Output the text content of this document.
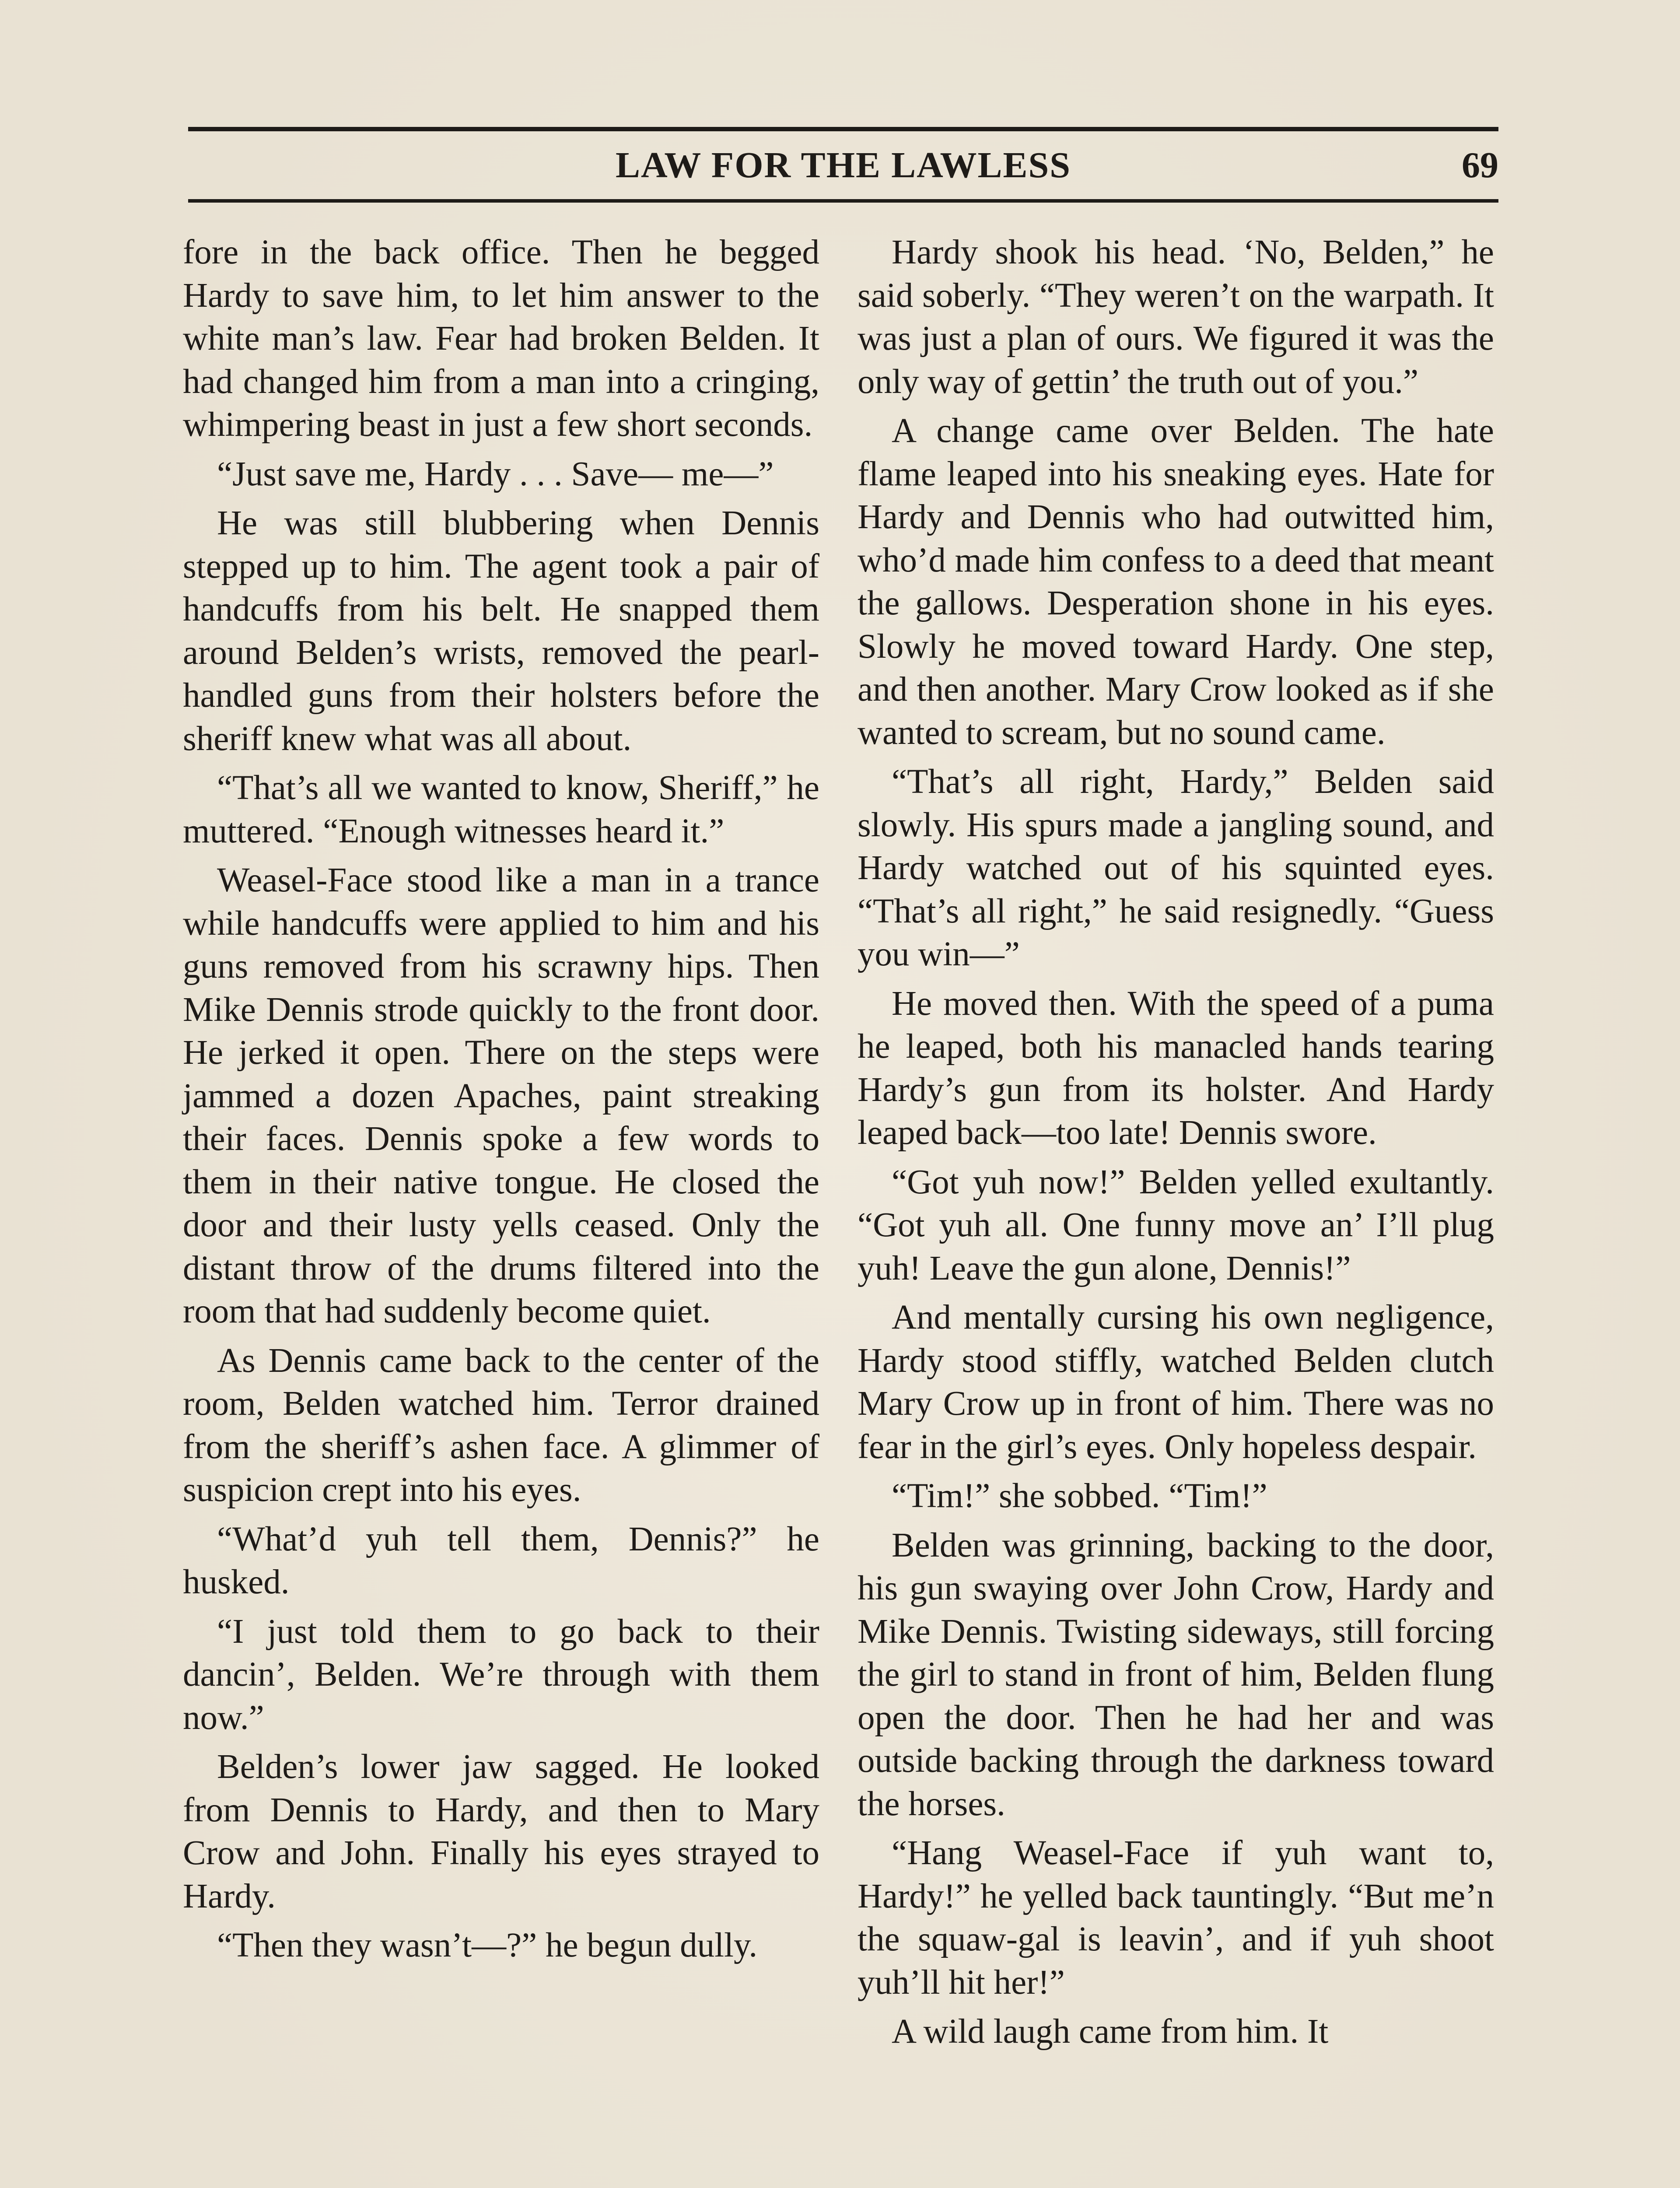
LAW FOR THE LAWLESS	69

fore in the back office. Then he begged Hardy to save him, to let him answer to the white man’s law. Fear had broken Belden. It had changed him from a man into a cringing, whimpering beast in just a few short seconds.

“Just save me, Hardy . . . Save— me—”

He was still blubbering when Dennis stepped up to him. The agent took a pair of handcuffs from his belt. He snapped them around Belden’s wrists, removed the pearl-handled guns from their holsters before the sheriff knew what was all about.

“That’s all we wanted to know, Sheriff,” he muttered. “Enough witnesses heard it.”

Weasel-Face stood like a man in a trance while handcuffs were applied to him and his guns removed from his scrawny hips. Then Mike Dennis strode quickly to the front door. He jerked it open. There on the steps were jammed a dozen Apaches, paint streaking their faces. Dennis spoke a few words to them in their native tongue. He closed the door and their lusty yells ceased. Only the distant throw of the drums filtered into the room that had suddenly become quiet.

As Dennis came back to the center of the room, Belden watched him. Terror drained from the sheriff’s ashen face. A glimmer of suspicion crept into his eyes.

“What’d yuh tell them, Dennis?” he husked.

“I just told them to go back to their dancin’, Belden. We’re through with them now.”

Belden’s lower jaw sagged. He looked from Dennis to Hardy, and then to Mary Crow and John. Finally his eyes strayed to Hardy.

“Then they wasn’t—?” he begun dully.

Hardy shook his head. ‘No, Belden,” he said soberly. “They weren’t on the warpath. It was just a plan of ours. We figured it was the only way of gettin’ the truth out of you.”

A change came over Belden. The hate flame leaped into his sneaking eyes. Hate for Hardy and Dennis who had outwitted him, who’d made him confess to a deed that meant the gallows. Desperation shone in his eyes. Slowly he moved toward Hardy. One step, and then another. Mary Crow looked as if she wanted to scream, but no sound came.

“That’s all right, Hardy,” Belden said slowly. His spurs made a jangling sound, and Hardy watched out of his squinted eyes. “That’s all right,” he said resignedly. “Guess you win—”

He moved then. With the speed of a puma he leaped, both his manacled hands tearing Hardy’s gun from its holster. And Hardy leaped back—too late! Dennis swore.

“Got yuh now!” Belden yelled exultantly. “Got yuh all. One funny move an’ I’ll plug yuh! Leave the gun alone, Dennis!”

And mentally cursing his own negligence, Hardy stood stiffly, watched Belden clutch Mary Crow up in front of him. There was no fear in the girl’s eyes. Only hopeless despair.

“Tim!” she sobbed. “Tim!”

Belden was grinning, backing to the door, his gun swaying over John Crow, Hardy and Mike Dennis. Twisting sideways, still forcing the girl to stand in front of him, Belden flung open the door. Then he had her and was outside backing through the darkness toward the horses.

“Hang Weasel-Face if yuh want to, Hardy!” he yelled back tauntingly. “But me’n the squaw-gal is leavin’, and if yuh shoot yuh’ll hit her!”

A wild laugh came from him. It
